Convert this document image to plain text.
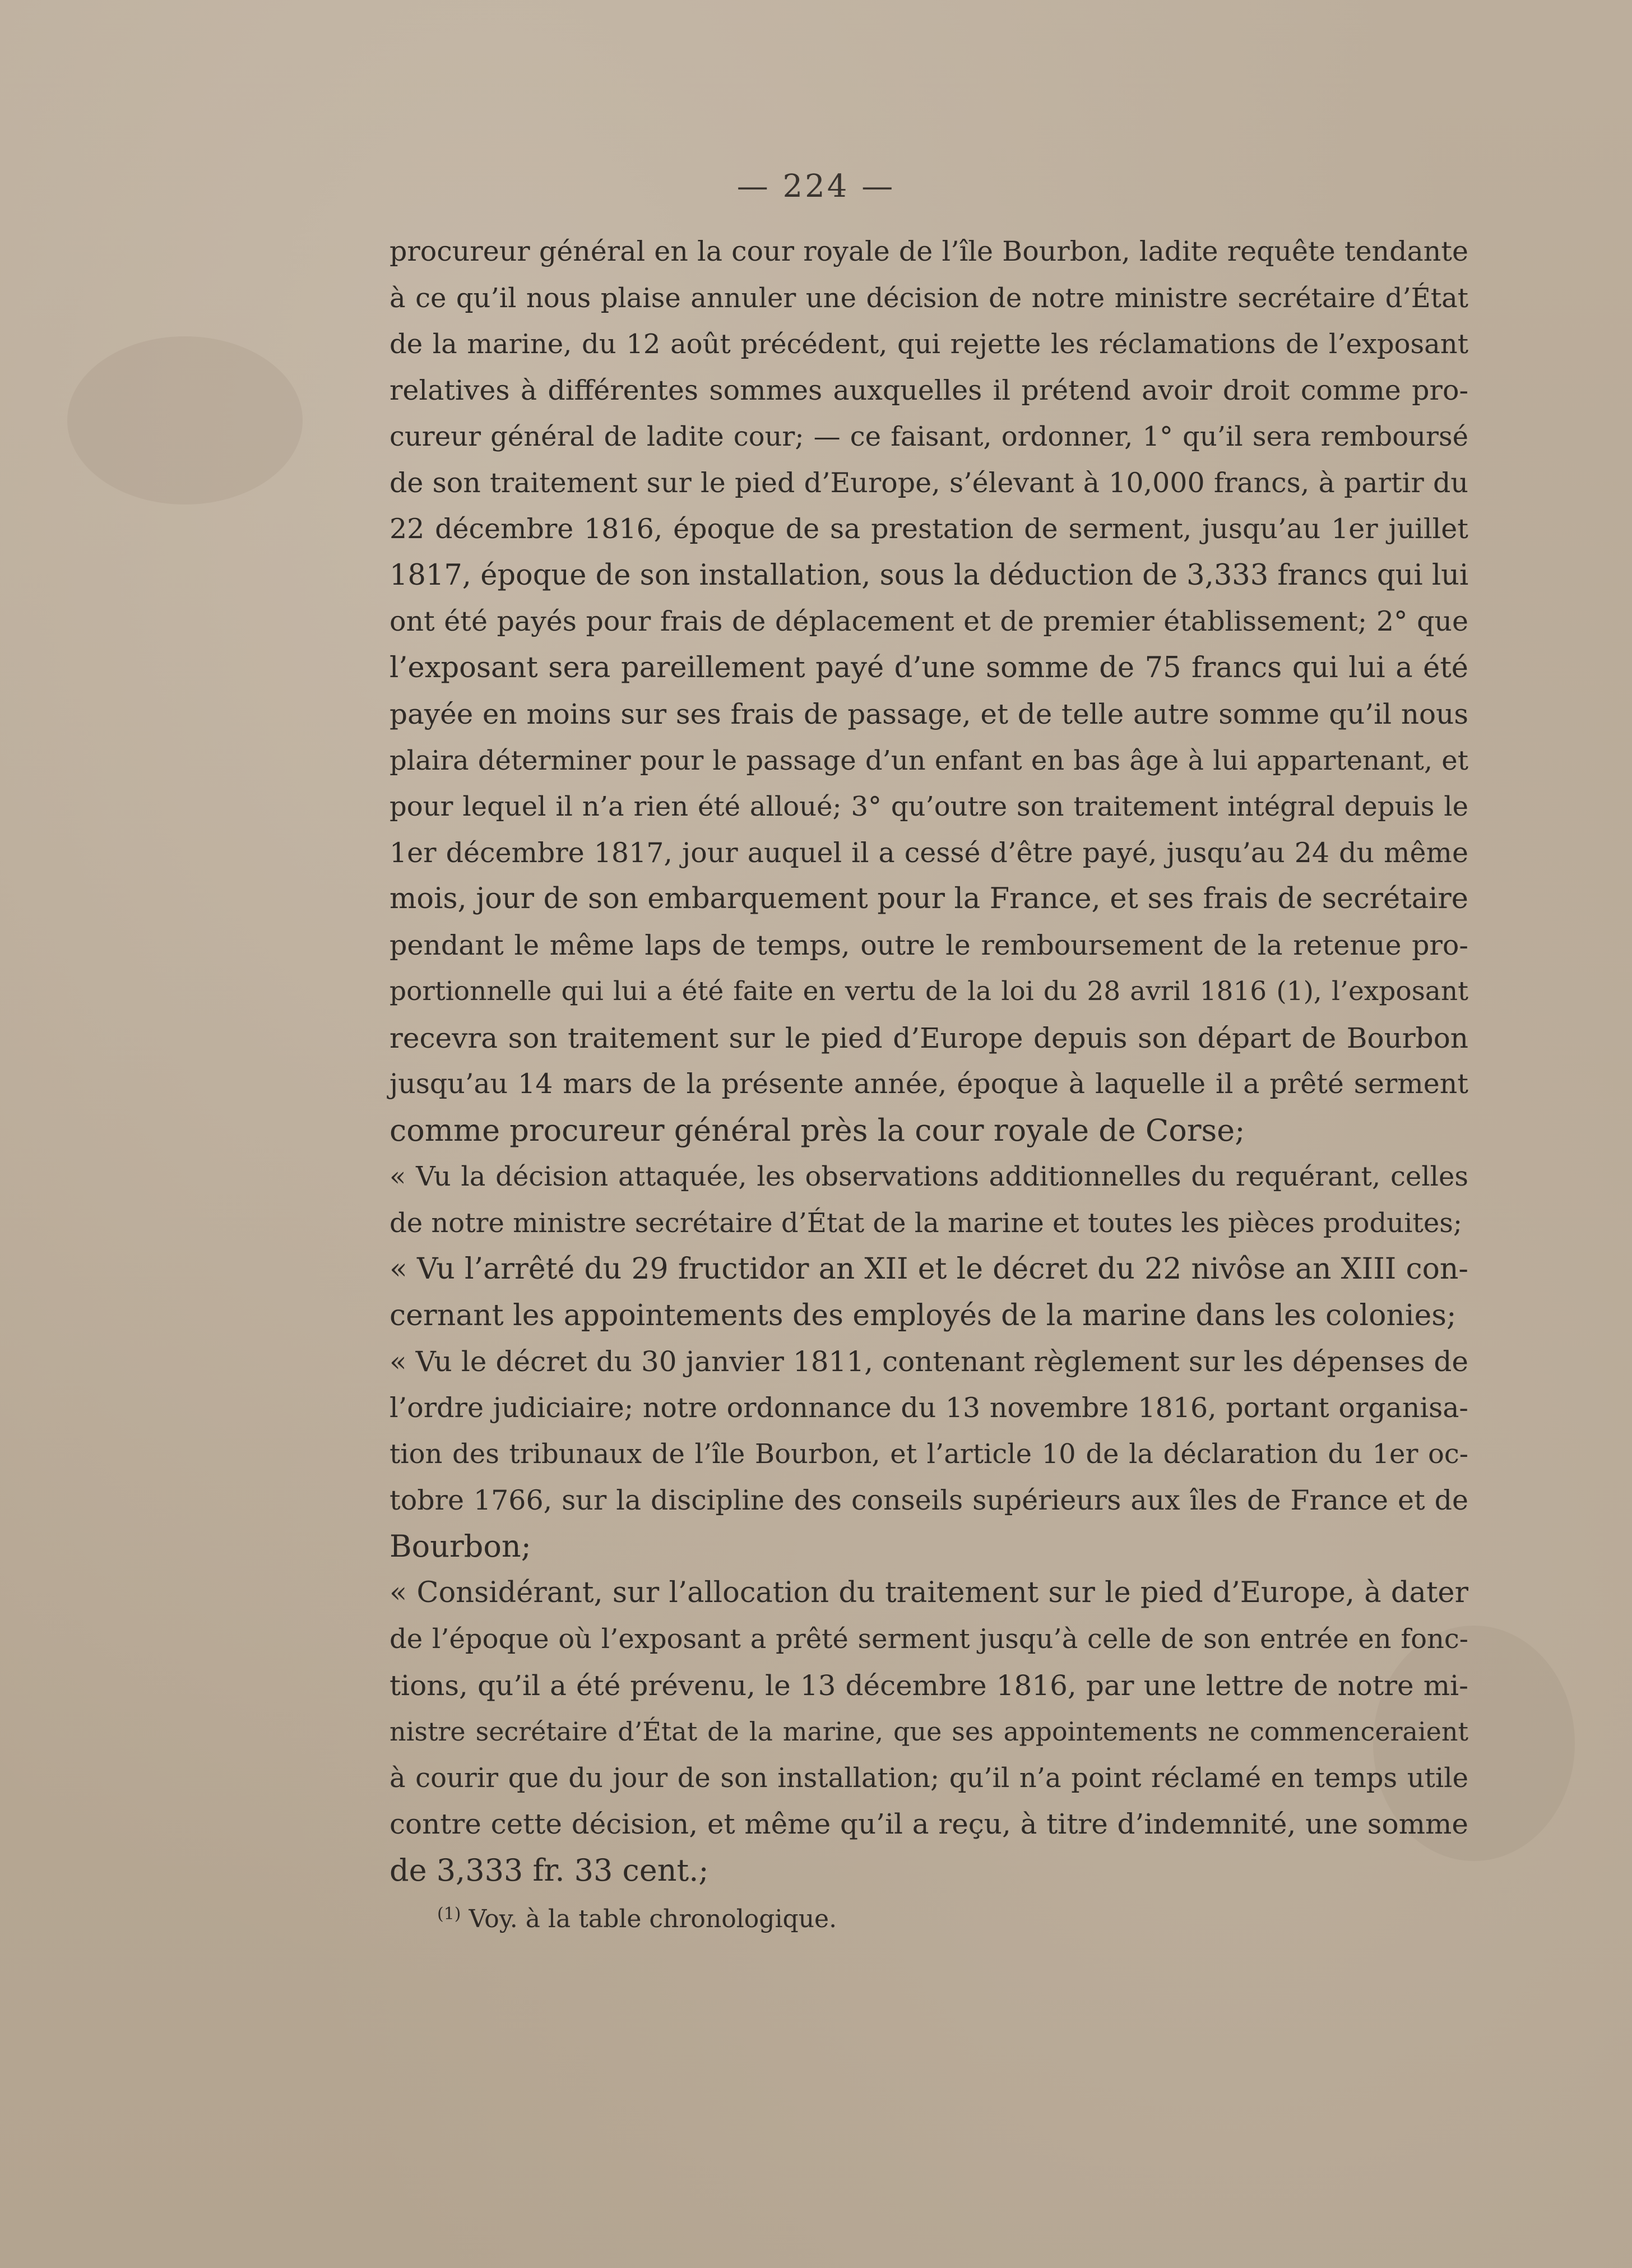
— 224 —
procureur général en la cour royale de l’île Bourbon, ladite requête tendante
à ce qu’il nous plaise annuler une décision de notre ministre secrétaire d’État
de la marine, du 12 août précédent, qui rejette les réclamations de l’exposant
relatives à différentes sommes auxquelles il prétend avoir droit comme pro-
cureur général de ladite cour; — ce faisant, ordonner, 1° qu’il sera remboursé
de son traitement sur le pied d’Europe, s’élevant à 10,000 francs, à partir du
22 décembre 1816, époque de sa prestation de serment, jusqu’au 1er juillet
1817, époque de son installation, sous la déduction de 3,333 francs qui lui
ont été payés pour frais de déplacement et de premier établissement; 2° que
l’exposant sera pareillement payé d’une somme de 75 francs qui lui a été
payée en moins sur ses frais de passage, et de telle autre somme qu’il nous
plaira déterminer pour le passage d’un enfant en bas âge à lui appartenant, et
pour lequel il n’a rien été alloué; 3° qu’outre son traitement intégral depuis le
1er décembre 1817, jour auquel il a cessé d’être payé, jusqu’au 24 du même
mois, jour de son embarquement pour la France, et ses frais de secrétaire
pendant le même laps de temps, outre le remboursement de la retenue pro-
portionnelle qui lui a été faite en vertu de la loi du 28 avril 1816 (1), l’exposant
recevra son traitement sur le pied d’Europe depuis son départ de Bourbon
jusqu’au 14 mars de la présente année, époque à laquelle il a prêté serment
comme procureur général près la cour royale de Corse;
« Vu la décision attaquée, les observations additionnelles du requérant, celles
de notre ministre secrétaire d’État de la marine et toutes les pièces produites;
« Vu l’arrêté du 29 fructidor an XII et le décret du 22 nivôse an XIII con-
cernant les appointements des employés de la marine dans les colonies;
« Vu le décret du 30 janvier 1811, contenant règlement sur les dépenses de
l’ordre judiciaire; notre ordonnance du 13 novembre 1816, portant organisa-
tion des tribunaux de l’île Bourbon, et l’article 10 de la déclaration du 1er oc-
tobre 1766, sur la discipline des conseils supérieurs aux îles de France et de
Bourbon;
« Considérant, sur l’allocation du traitement sur le pied d’Europe, à dater
de l’époque où l’exposant a prêté serment jusqu’à celle de son entrée en fonc-
tions, qu’il a été prévenu, le 13 décembre 1816, par une lettre de notre mi-
nistre secrétaire d’État de la marine, que ses appointements ne commenceraient
à courir que du jour de son installation; qu’il n’a point réclamé en temps utile
contre cette décision, et même qu’il a reçu, à titre d’indemnité, une somme
de 3,333 fr. 33 cent.;
$^{(1)}$ Voy. à la table chronologique.
